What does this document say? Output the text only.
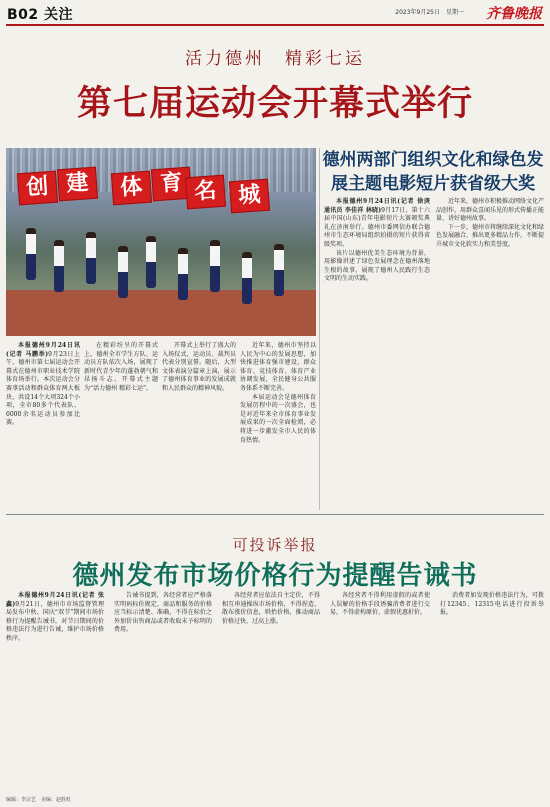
B02 关注	2023年9月25日　星期一 齐鲁晚报
活力德州　精彩七运
第七届运动会开幕式举行
创 建	体 育 名 城
德州两部门组织文化和绿色发展主题电影短片获省级大奖

本报德州9月24日讯(记者 马鹏举)9月23日上午，德州市第七届运动会开幕式在德州市职业技术学院体育场举行。本次运动会分赛事活动和群众体育两大板块，共设14个大项324个小项，全市80多个代表队、6000余名运动员参加比赛。

在精彩纷呈的开幕式上，德州全市学生方队、运动员方队依次入场，展现了新时代青少年的蓬勃朝气和昂扬斗志。开幕式主题为“活力德州 精彩七运”。

开幕式上举行了盛大的入场仪式，运动员、裁判员代表分别宣誓。随后，大型文体表演分篇章上演，展示了德州体育事业的发展成就和人民群众的精神风貌。

近年来，德州市坚持以人民为中心的发展思想，加快推进体育强市建设，群众体育、竞技体育、体育产业协调发展，全民健身公共服务体系不断完善。

本届运动会是德州体育发展历程中的一次盛会，也是对近年来全市体育事业发展成果的一次全面检阅，必将进一步激发全市人民的体育热情。

本报德州9月24日讯(记者 徐庚　通讯员 李佳祥 林晓)9月17日，第十六届中国(山东)青年电影短片大赛颁奖典礼在济南举行。德州市委网信办联合德州市生态环境局组织拍摄的短片获得省级奖项。

该片以德州优美生态环境为背景，用影像讲述了绿色发展理念在德州落地生根的故事，展现了德州人民践行生态文明的生动实践。

近年来，德州市积极推动网络文化产品创作，用群众喜闻乐见的形式传播正能量，讲好德州故事。

下一步，德州市将继续深化文化和绿色发展融合，推出更多精品力作，不断提升城市文化软实力和美誉度。

可投诉举报
德州发布市场价格行为提醒告诫书

本报德州9月24日讯(记者 张鑫)9月21日，德州市市场监督管理局发布中秋、国庆“双节”期间市场价格行为提醒告诫书，对节日期间的价格违法行为进行告诫，维护市场价格秩序。

告诫书提到，各经营者应严格落实明码标价规定，商品和服务的价格应当标示清楚、准确，不得在标价之外加价出售商品或者收取未予标明的费用。

各经营者应依法自主定价，不得相互串通操纵市场价格，不得捏造、散布涨价信息，哄抬价格，推动商品价格过快、过高上涨。

各经营者不得利用虚假的或者使人误解的价格手段诱骗消费者进行交易，不得虚构原价、虚假优惠折价。

消费者如发现价格违法行为，可拨打12345、12315电话进行投诉举报。

编辑：李宗艺　美编：赵胜虹
